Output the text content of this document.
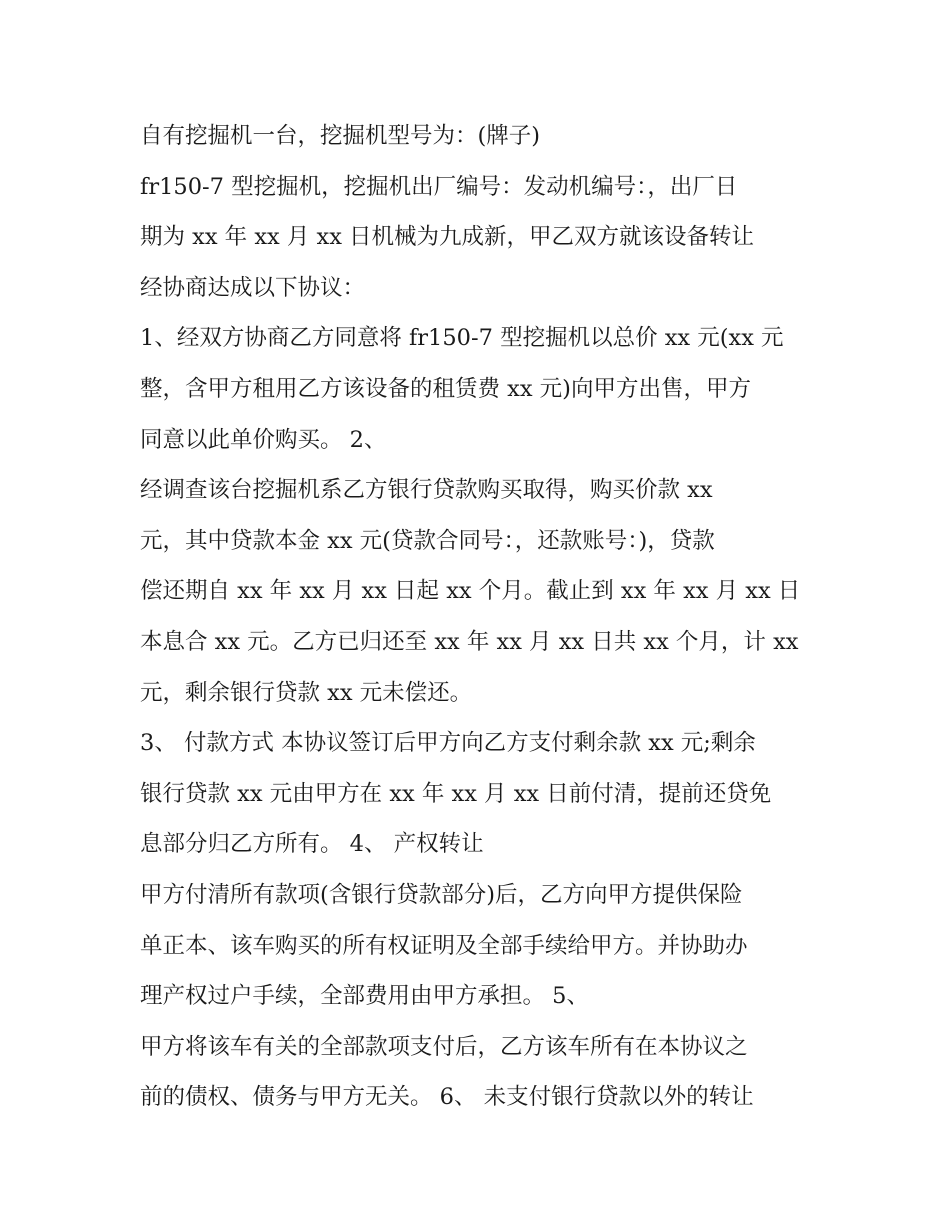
自有挖掘机一台，挖掘机型号为：(牌子)
fr150-7 型挖掘机，挖掘机出厂编号：发动机编号：，出厂日
期为 xx 年 xx 月 xx 日机械为九成新，甲乙双方就该设备转让
经协商达成以下协议：
1、经双方协商乙方同意将 fr150-7 型挖掘机以总价 xx 元(xx 元
整，含甲方租用乙方该设备的租赁费 xx 元)向甲方出售，甲方
同意以此单价购买。 2、
经调查该台挖掘机系乙方银行贷款购买取得，购买价款 xx
元，其中贷款本金 xx 元(贷款合同号：，还款账号：)，贷款
偿还期自 xx 年 xx 月 xx 日起 xx 个月。截止到 xx 年 xx 月 xx 日
本息合 xx 元。乙方已归还至 xx 年 xx 月 xx 日共 xx 个月，计 xx
元，剩余银行贷款 xx 元未偿还。
3、 付款方式 本协议签订后甲方向乙方支付剩余款 xx 元;剩余
银行贷款 xx 元由甲方在 xx 年 xx 月 xx 日前付清，提前还贷免
息部分归乙方所有。 4、 产权转让
甲方付清所有款项(含银行贷款部分)后，乙方向甲方提供保险
单正本、该车购买的所有权证明及全部手续给甲方。并协助办
理产权过户手续，全部费用由甲方承担。 5、
甲方将该车有关的全部款项支付后，乙方该车所有在本协议之
前的债权、债务与甲方无关。 6、 未支付银行贷款以外的转让
